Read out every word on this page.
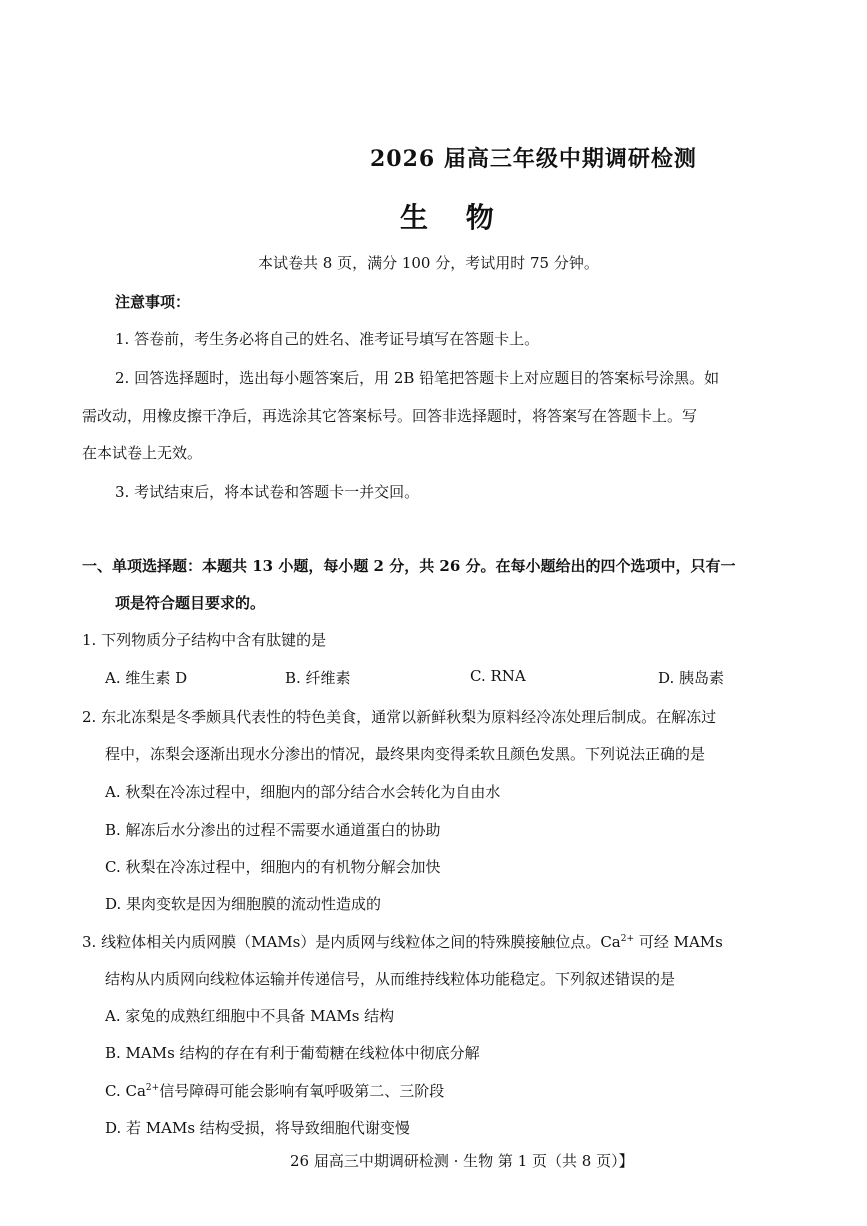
2026 届高三年级中期调研检测
生 物
本试卷共 8 页，满分 100 分，考试用时 75 分钟。
注意事项：
1. 答卷前，考生务必将自己的姓名、准考证号填写在答题卡上。
2. 回答选择题时，选出每小题答案后，用 2B 铅笔把答题卡上对应题目的答案标号涂黑。如
需改动，用橡皮擦干净后，再选涂其它答案标号。回答非选择题时，将答案写在答题卡上。写
在本试卷上无效。
3. 考试结束后，将本试卷和答题卡一并交回。
一、单项选择题：本题共 13 小题，每小题 2 分，共 26 分。在每小题给出的四个选项中，只有一
项是符合题目要求的。
1. 下列物质分子结构中含有肽键的是
A. 维生素 D	B. 纤维素	C. RNA	D. 胰岛素
2. 东北冻梨是冬季颇具代表性的特色美食，通常以新鲜秋梨为原料经冷冻处理后制成。在解冻过
程中，冻梨会逐渐出现水分渗出的情况，最终果肉变得柔软且颜色发黑。下列说法正确的是
A. 秋梨在冷冻过程中，细胞内的部分结合水会转化为自由水
B. 解冻后水分渗出的过程不需要水通道蛋白的协助
C. 秋梨在冷冻过程中，细胞内的有机物分解会加快
D. 果肉变软是因为细胞膜的流动性造成的
3. 线粒体相关内质网膜（MAMs）是内质网与线粒体之间的特殊膜接触位点。$Ca^{2+}$ 可经 MAMs
结构从内质网向线粒体运输并传递信号，从而维持线粒体功能稳定。下列叙述错误的是
A. 家兔的成熟红细胞中不具备 MAMs 结构
B. MAMs 结构的存在有利于葡萄糖在线粒体中彻底分解
C. $Ca^{2+}$信号障碍可能会影响有氧呼吸第二、三阶段
D. 若 MAMs 结构受损，将导致细胞代谢变慢
26 届高三中期调研检测 · 生物 第 1 页（共 8 页）】
